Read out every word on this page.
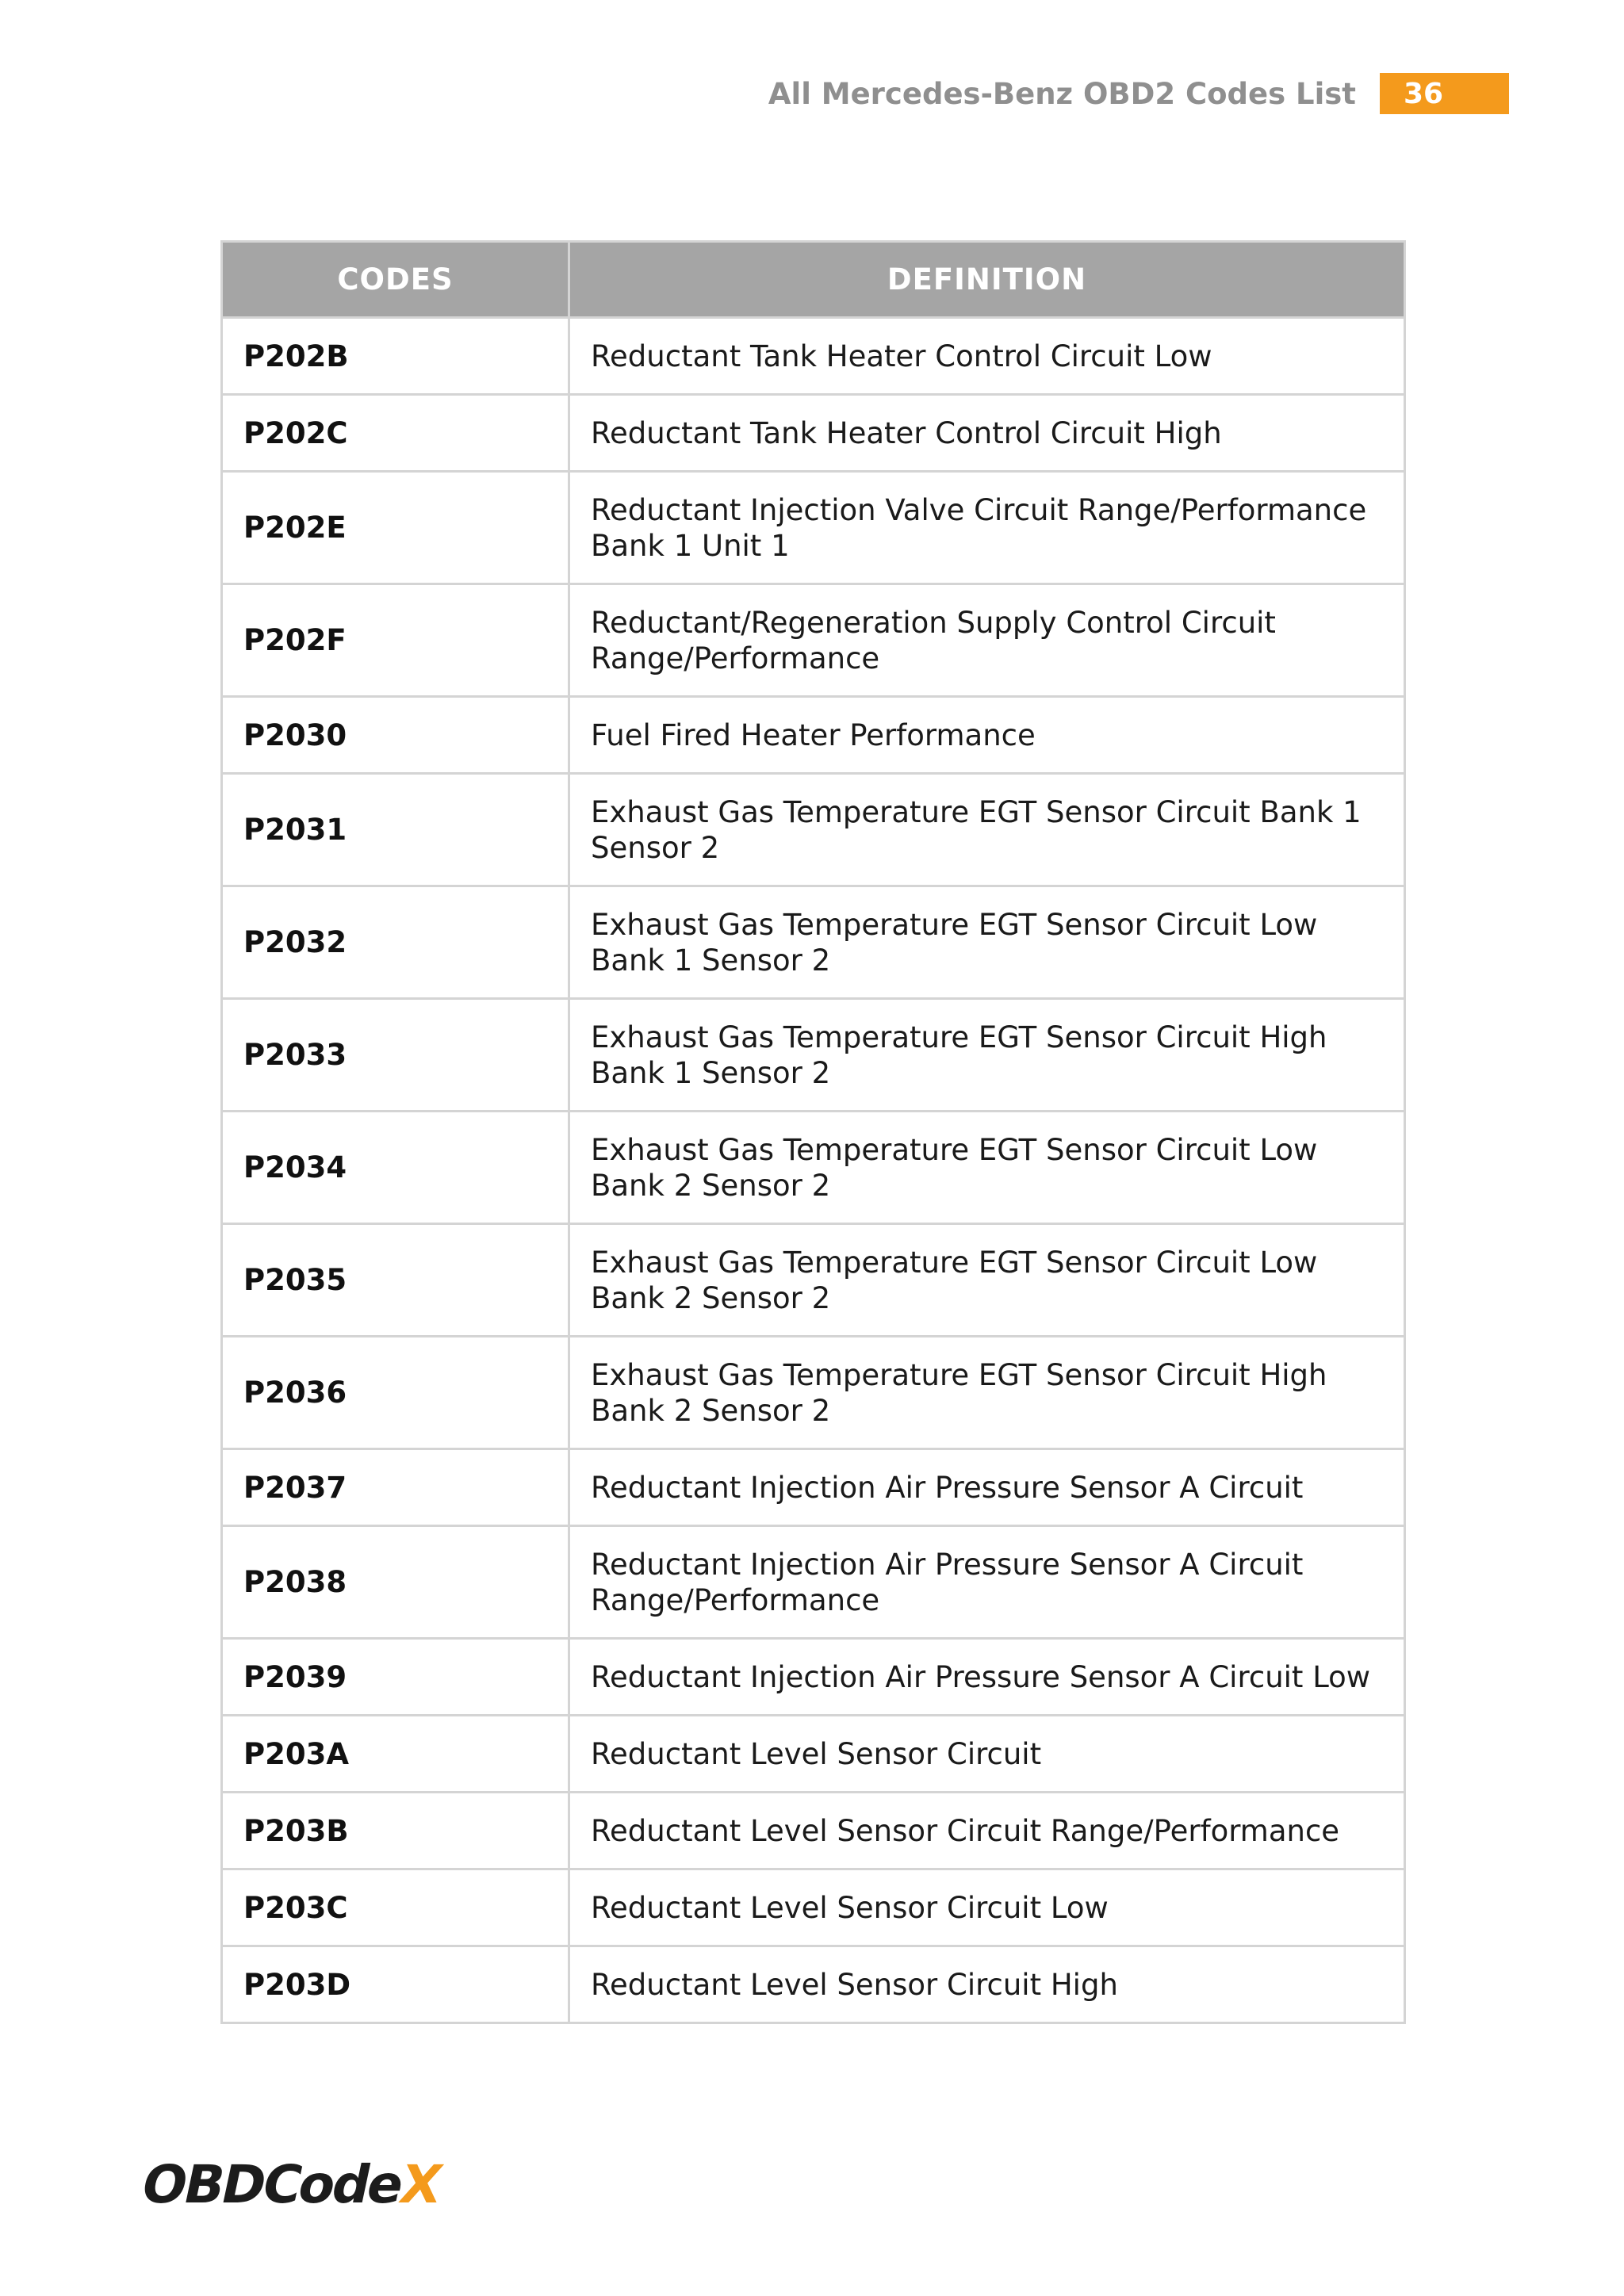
All Mercedes-Benz OBD2 Codes List	36
CODES	DEFINITION
P202B	Reductant Tank Heater Control Circuit Low
P202C	Reductant Tank Heater Control Circuit High
P202E	Reductant Injection Valve Circuit Range/Performance Bank 1 Unit 1
P202F	Reductant/Regeneration Supply Control Circuit Range/Performance
P2030	Fuel Fired Heater Performance
P2031	Exhaust Gas Temperature EGT Sensor Circuit Bank 1 Sensor 2
P2032	Exhaust Gas Temperature EGT Sensor Circuit Low Bank 1 Sensor 2
P2033	Exhaust Gas Temperature EGT Sensor Circuit High Bank 1 Sensor 2
P2034	Exhaust Gas Temperature EGT Sensor Circuit Low Bank 2 Sensor 2
P2035	Exhaust Gas Temperature EGT Sensor Circuit Low Bank 2 Sensor 2
P2036	Exhaust Gas Temperature EGT Sensor Circuit High Bank 2 Sensor 2
P2037	Reductant Injection Air Pressure Sensor A Circuit
P2038	Reductant Injection Air Pressure Sensor A Circuit Range/Performance
P2039	Reductant Injection Air Pressure Sensor A Circuit Low
P203A	Reductant Level Sensor Circuit
P203B	Reductant Level Sensor Circuit Range/Performance
P203C	Reductant Level Sensor Circuit Low
P203D	Reductant Level Sensor Circuit High
OBDCodeX
